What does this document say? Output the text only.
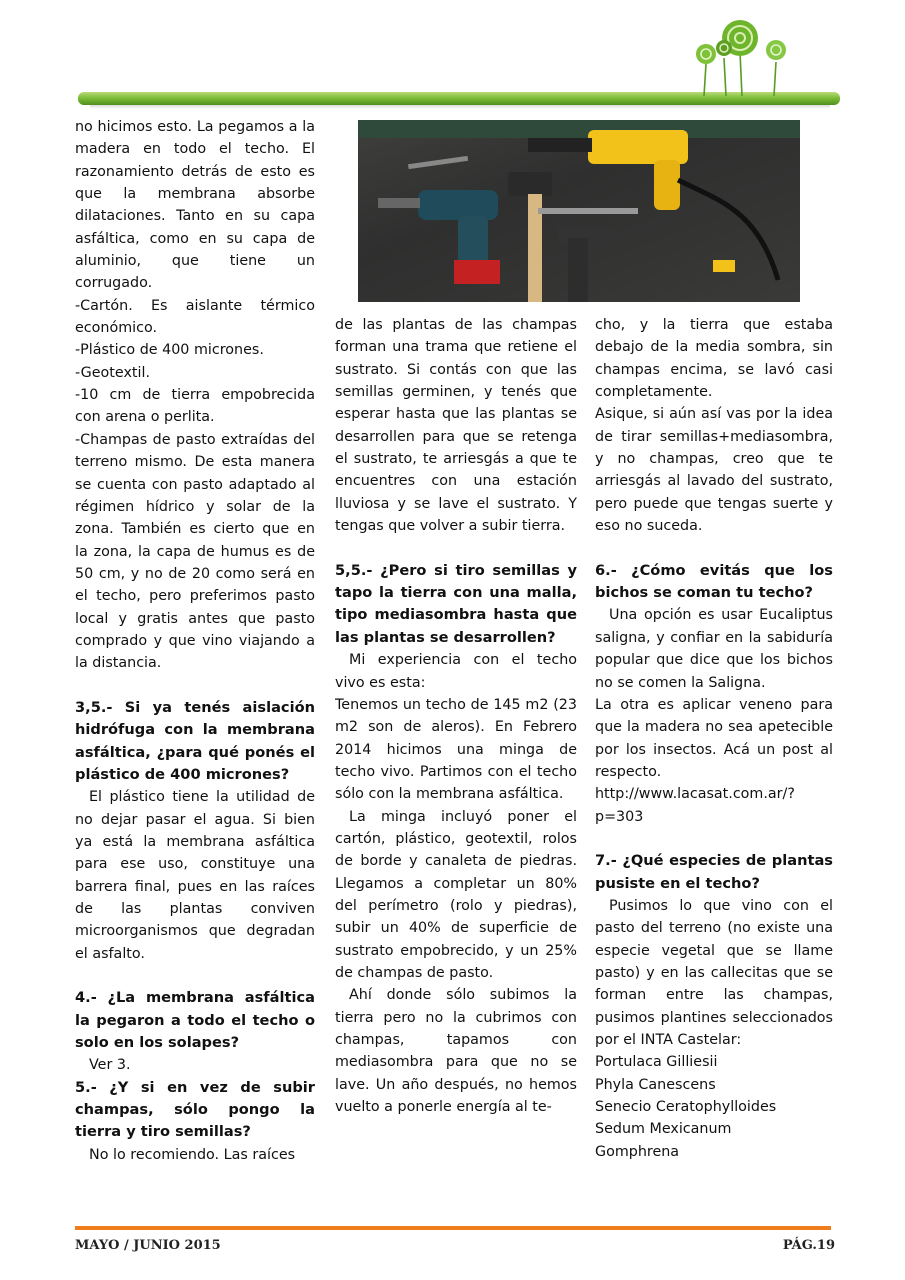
no hicimos esto. La pegamos a la madera en todo el techo. El razonamiento detrás de esto es que la membrana absorbe dilataciones. Tanto en su capa asfáltica, como en su capa de aluminio, que tiene un corrugado.

-Cartón. Es aislante térmico económico.

-Plástico de 400 micrones.

-Geotextil.

-10 cm de tierra empobrecida con arena o perlita.

-Champas de pasto extraídas del terreno mismo. De esta manera se cuenta con pasto adaptado al régimen hídrico y solar de la zona. También es cierto que en la zona, la capa de humus es de 50 cm, y no de 20 como será en el techo, pero preferimos pasto local y gratis antes que pasto comprado y que vino viajando a la distancia.

3,5.- Si ya tenés aislación hidrófuga con la membrana asfáltica, ¿para qué ponés el plástico de 400 micrones?

El plástico tiene la utilidad de no dejar pasar el agua. Si bien ya está la membrana asfáltica para ese uso, constituye una barrera final, pues en las raíces de las plantas conviven microorganismos que degradan el asfalto.

4.- ¿La membrana asfáltica la pegaron a todo el techo o solo en los solapes?

Ver 3.

5.- ¿Y si en vez de subir champas, sólo pongo la tierra y tiro semillas?

No lo recomiendo. Las raíces

de las plantas de las champas forman una trama que retiene el sustrato. Si contás con que las semillas germinen, y tenés que esperar hasta que las plantas se desarrollen para que se retenga el sustrato, te arriesgás a que te encuentres con una estación lluviosa y se lave el sustrato. Y tengas que volver a subir tierra.

5,5.- ¿Pero si tiro semillas y tapo la tierra con una malla, tipo mediasombra hasta que las plantas se desarrollen?

Mi experiencia con el techo vivo es esta:

Tenemos un techo de 145 m2 (23 m2 son de aleros). En Febrero 2014 hicimos una minga de techo vivo. Partimos con el techo sólo con la membrana asfáltica.

La minga incluyó poner el cartón, plástico, geotextil, rolos de borde y canaleta de piedras. Llegamos a completar un 80% del perímetro (rolo y piedras), subir un 40% de superficie de sustrato empobrecido, y un 25% de champas de pasto.

Ahí donde sólo subimos la tierra pero no la cubrimos con champas, tapamos con mediasombra para que no se lave. Un año después, no hemos vuelto a ponerle energía al te-

cho, y la tierra que estaba debajo de la media sombra, sin champas encima, se lavó casi completamente.

Asique, si aún así vas por la idea de tirar semillas+mediasombra, y no champas, creo que te arriesgás al lavado del sustrato, pero puede que tengas suerte y eso no suceda.

6.- ¿Cómo evitás que los bichos se coman tu techo?

Una opción es usar Eucaliptus saligna, y confiar en la sabiduría popular que dice que los bichos no se comen la Saligna.

La otra es aplicar veneno para que la madera no sea apetecible por los insectos. Acá un post al respecto. http://www.lacasat.com.ar/?p=303

7.- ¿Qué especies de plantas pusiste en el techo?

Pusimos lo que vino con el pasto del terreno (no existe una especie vegetal que se llame pasto) y en las callecitas que se forman entre las champas, pusimos plantines seleccionados por el INTA Castelar:

Portulaca Gilliesii

Phyla Canescens

Senecio Ceratophylloides

Sedum Mexicanum

Gomphrena

MAYO / JUNIO 2015	PÁG.19
